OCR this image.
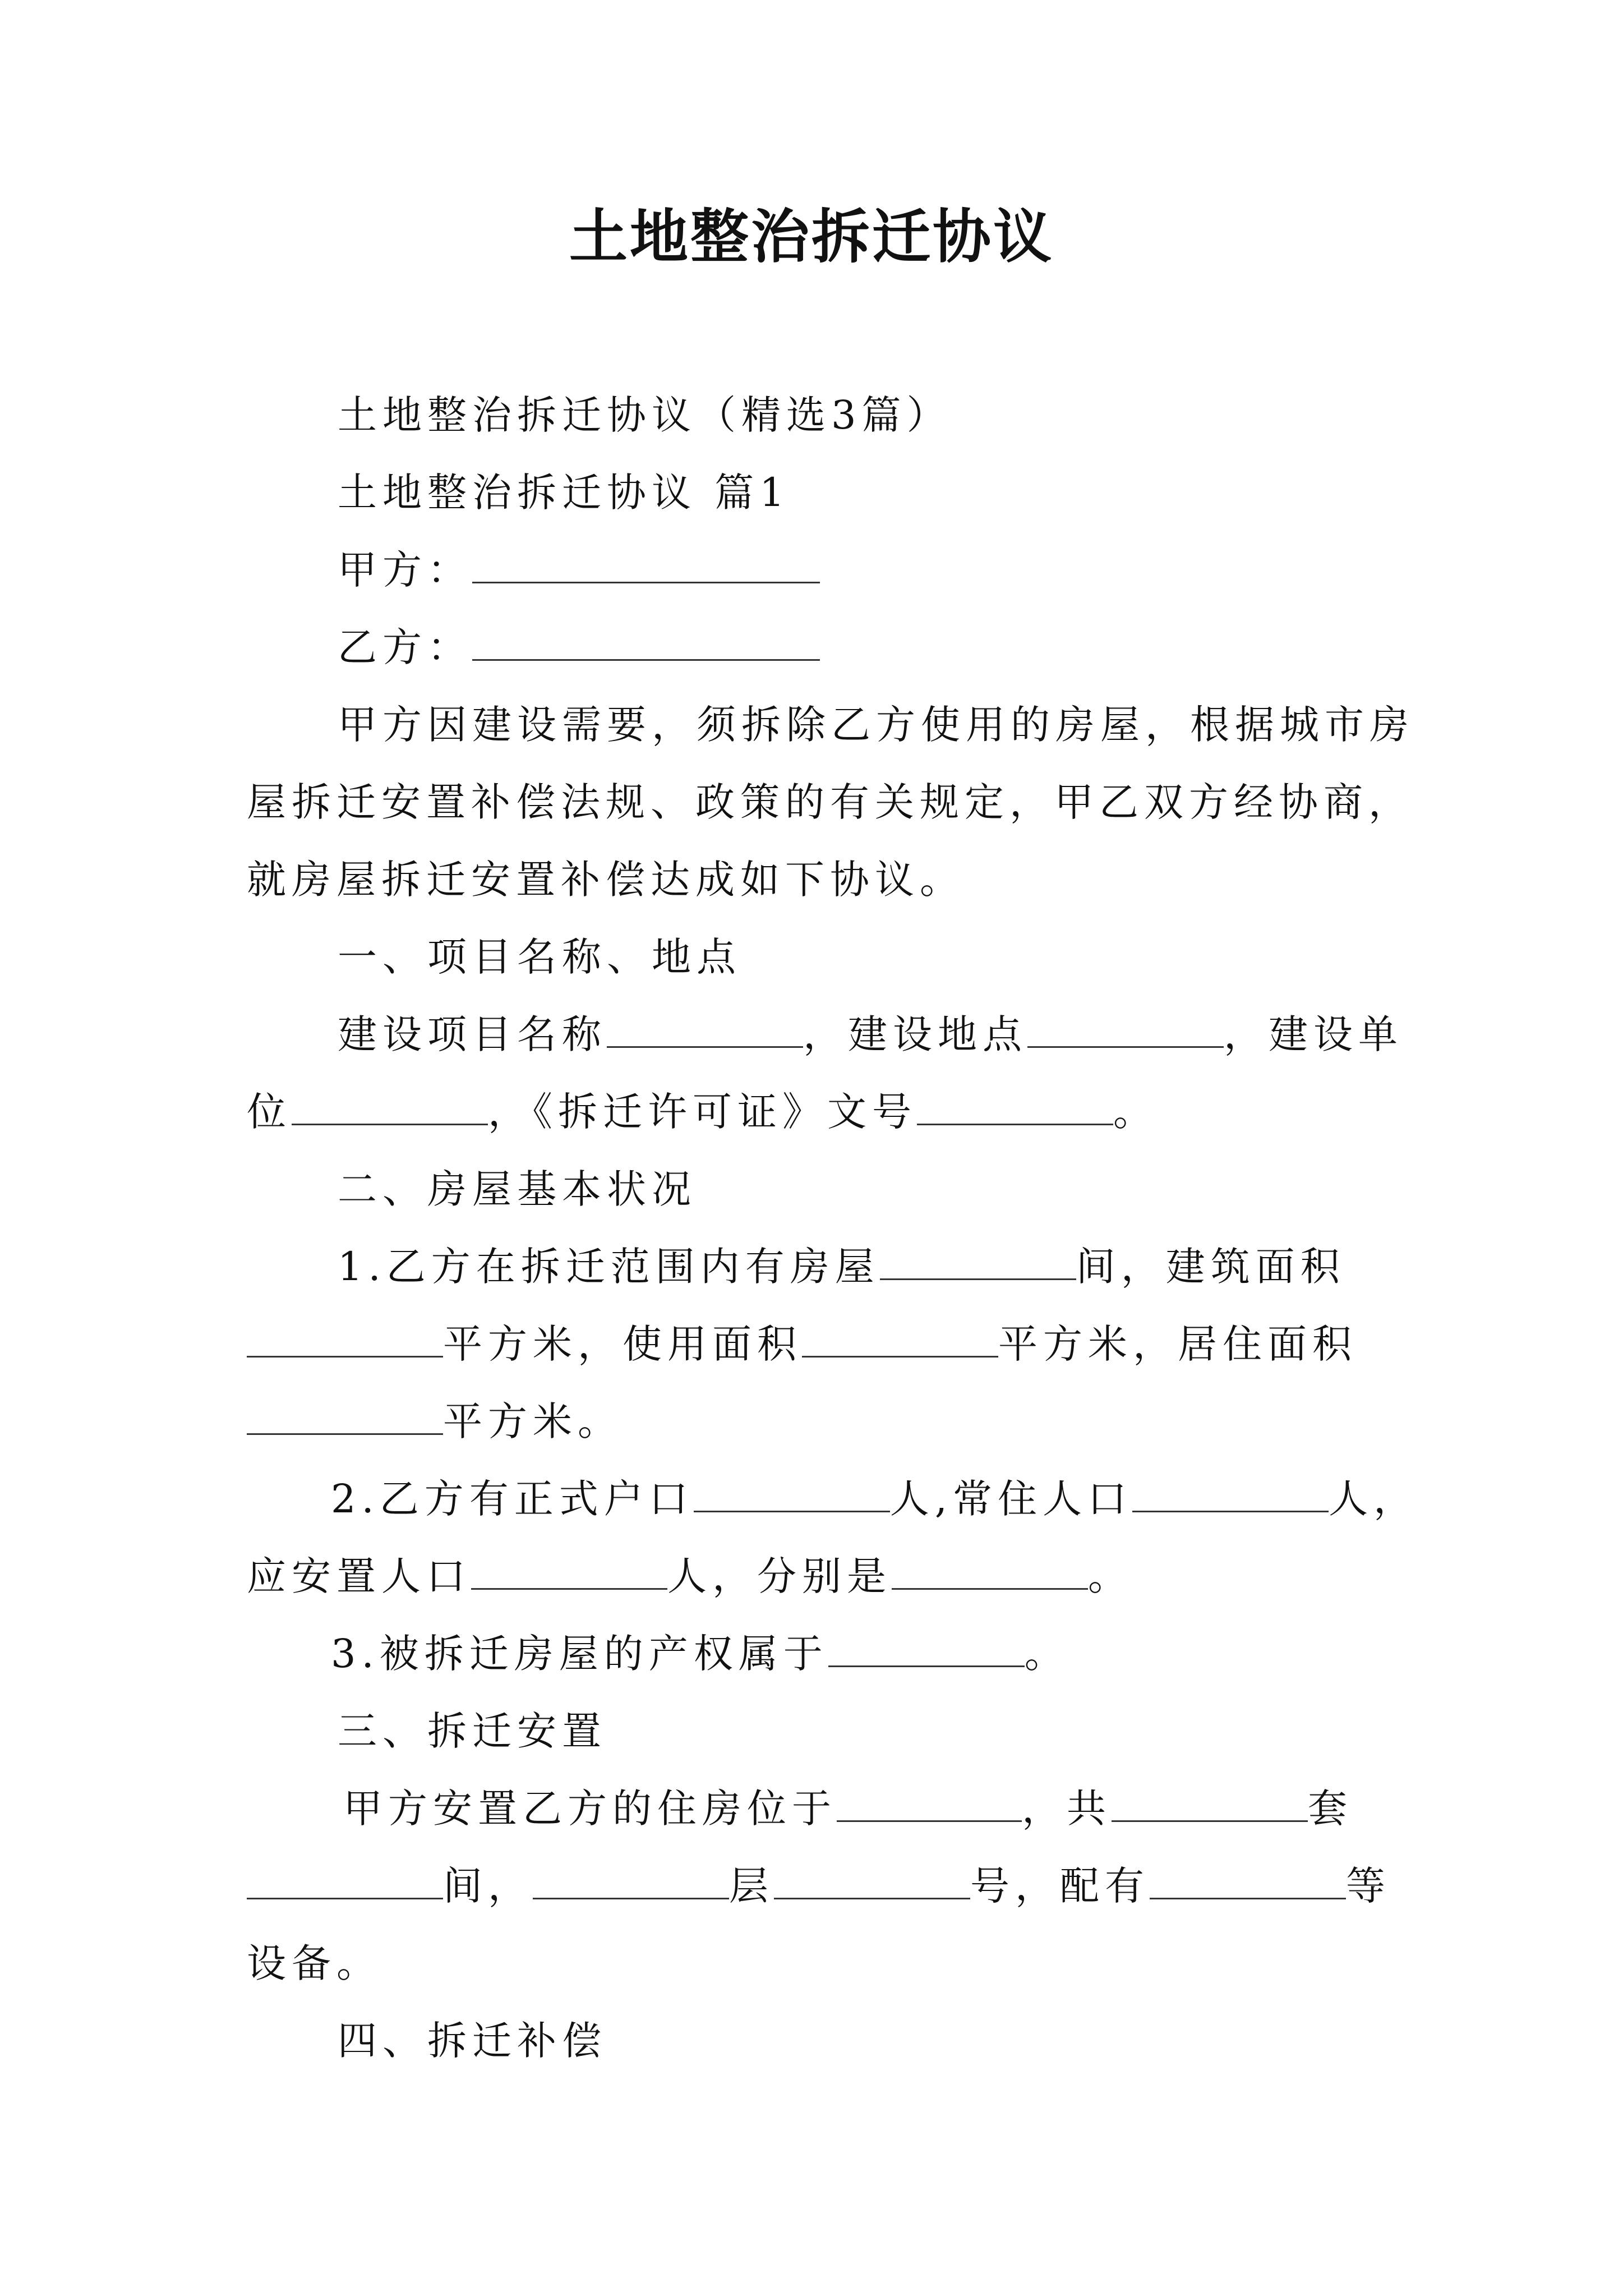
土地整治拆迁协议
土地整治拆迁协议（精选3篇）
土地整治拆迁协议 篇1
甲方：
乙方：
甲方因建设需要，须拆除乙方使用的房屋，根据城市房
屋拆迁安置补偿法规、政策的有关规定，甲乙双方经协商，
就房屋拆迁安置补偿达成如下协议。
一、项目名称、地点
建设项目名称	，建设地点	，建设单
位	，《拆迁许可证》文号	。
二、房屋基本状况
1.乙方在拆迁范围内有房屋	间，建筑面积
平方米，使用面积	平方米，居住面积
平方米。
2.乙方有正式户口	人,常住人口	人，
应安置人口	人，分别是	。
3.被拆迁房屋的产权属于	。
三、拆迁安置
甲方安置乙方的住房位于	，共	套
间，	层	号，配有	等
设备。
四、拆迁补偿
